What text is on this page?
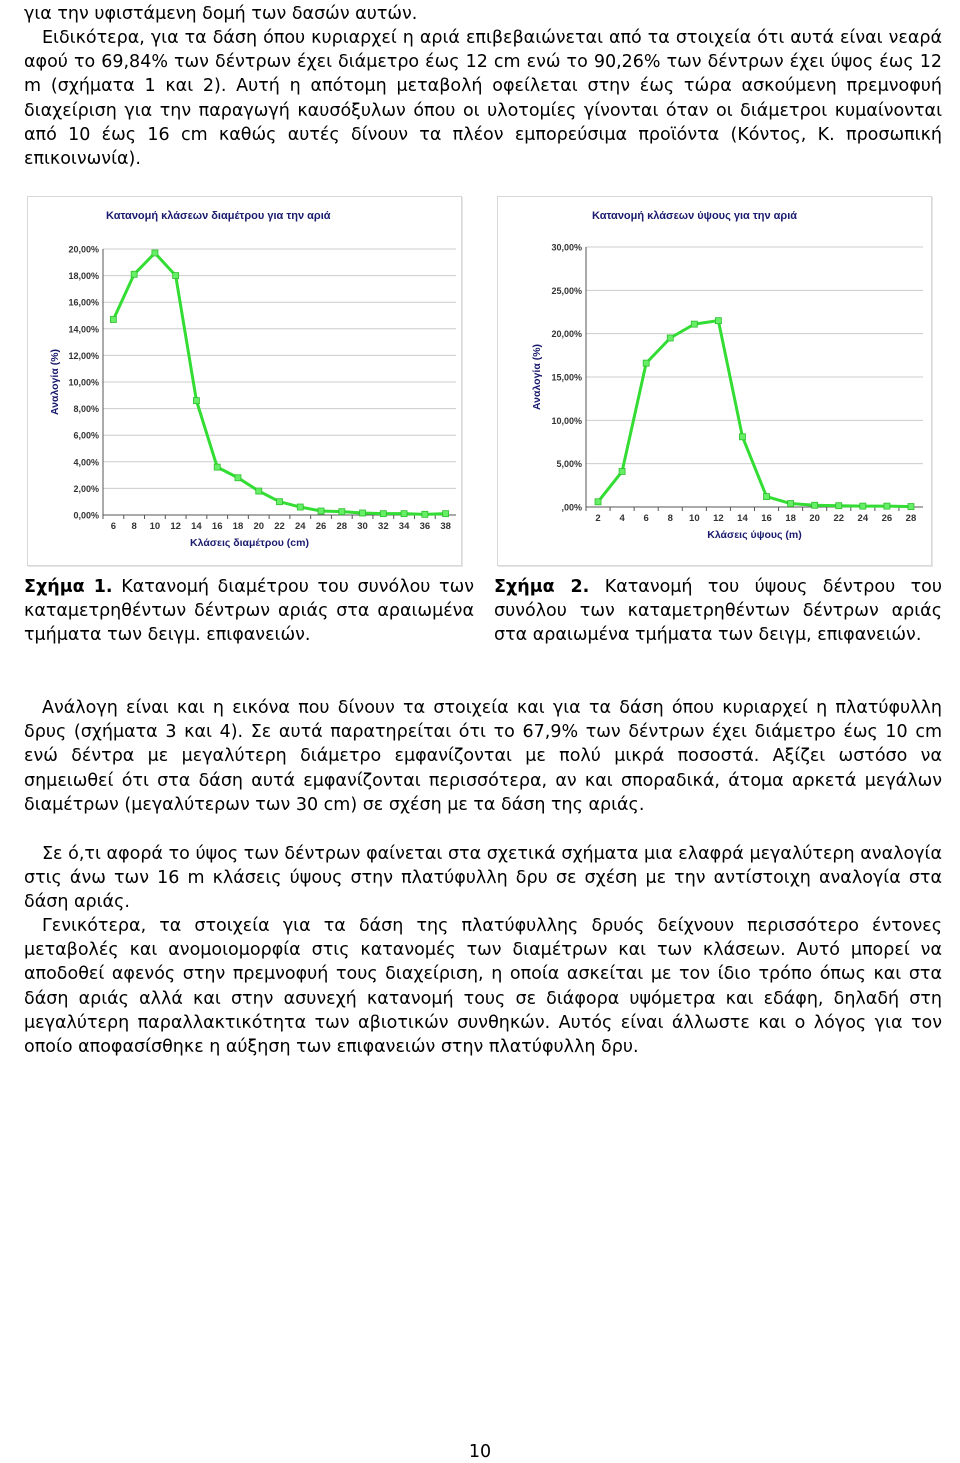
για την υφιστάμενη δομή των δασών αυτών.

Ειδικότερα, για τα δάση όπου κυριαρχεί η αριά επιβεβαιώνεται από τα στοιχεία ότι αυτά είναι νεαρά αφού το 69,84% των δέντρων έχει διάμετρο έως 12 cm ενώ το 90,26% των δέντρων έχει ύψος έως 12 m (σχήματα 1 και 2). Αυτή η απότομη μεταβολή οφείλεται στην έως τώρα ασκούμενη πρεμνοφυή διαχείριση για την παραγωγή καυσόξυλων όπου οι υλοτομίες γίνονται όταν οι διάμετροι κυμαίνονται από 10 έως 16 cm καθώς αυτές δίνουν τα πλέον εμπορεύσιμα προϊόντα (Κόντος, Κ. προσωπική επικοινωνία).

Κατανομή κλάσεων διαμέτρου για την αριά
0,00%
2,00%
4,00%
6,00%
8,00%
10,00%
12,00%
14,00%
16,00%
18,00%
20,00%
6 8 10 12 14 16 18 20 22 24 26 28 30 32 34 36 38
Κλάσεις διαμέτρου (cm)
Αναλογία (%)
Κατανομή κλάσεων ύψους για την αριά
,00%
5,00%
10,00%
15,00%
20,00%
25,00%
30,00%
2 4 6 8 10 12 14 16 18 20 22 24 26 28
Κλάσεις ύψους (m)
Αναλογία (%)

Σχήμα 1. Κατανομή διαμέτρου του συνόλου των καταμετρηθέντων δέντρων αριάς στα αραιωμένα τμήματα των δειγμ. επιφανειών.

Σχήμα 2. Κατανομή του ύψους δέντρου του συνόλου των καταμετρηθέντων δέντρων αριάς στα αραιωμένα τμήματα των δειγμ, επιφανειών.

Ανάλογη είναι και η εικόνα που δίνουν τα στοιχεία και για τα δάση όπου κυριαρχεί η πλατύφυλλη δρυς (σχήματα 3 και 4). Σε αυτά παρατηρείται ότι το 67,9% των δέντρων έχει διάμετρο έως 10 cm ενώ δέντρα με μεγαλύτερη διάμετρο εμφανίζονται με πολύ μικρά ποσοστά. Αξίζει ωστόσο να σημειωθεί ότι στα δάση αυτά εμφανίζονται περισσότερα, αν και σποραδικά, άτομα αρκετά μεγάλων διαμέτρων (μεγαλύτερων των 30 cm) σε σχέση με τα δάση της αριάς.

Σε ό,τι αφορά το ύψος των δέντρων φαίνεται στα σχετικά σχήματα μια ελαφρά μεγαλύτερη αναλογία στις άνω των 16 m κλάσεις ύψους στην πλατύφυλλη δρυ σε σχέση με την αντίστοιχη αναλογία στα δάση αριάς.

Γενικότερα, τα στοιχεία για τα δάση της πλατύφυλλης δρυός δείχνουν περισσότερο έντονες μεταβολές και ανομοιομορφία στις κατανομές των διαμέτρων και των κλάσεων. Αυτό μπορεί να αποδοθεί αφενός στην πρεμνοφυή τους διαχείριση, η οποία ασκείται με τον ίδιο τρόπο όπως και στα δάση αριάς αλλά και στην ασυνεχή κατανομή τους σε διάφορα υψόμετρα και εδάφη, δηλαδή στη μεγαλύτερη παραλλακτικότητα των αβιοτικών συνθηκών. Αυτός είναι άλλωστε και ο λόγος για τον οποίο αποφασίσθηκε η αύξηση των επιφανειών στην πλατύφυλλη δρυ.

10
